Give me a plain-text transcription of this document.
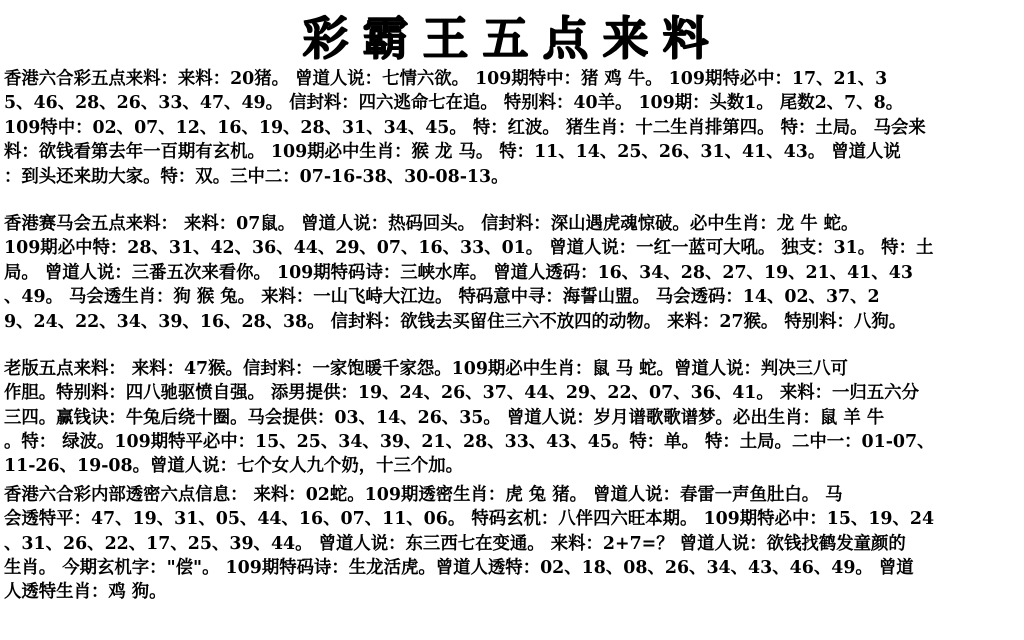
彩霸王五点来料
香港六合彩五点来料：来料：20猪。 曾道人说：七情六欲。 109期特中：猪 鸡 牛。 109期特必中：17、21、3
5、46、28、26、33、47、49。 信封料：四六逃命七在追。 特别料：40羊。 109期：头数1。 尾数2、7、8。
109特中：02、07、12、16、19、28、31、34、45。 特：红波。 猪生肖：十二生肖排第四。 特：土局。 马会来
料：欲钱看第去年一百期有玄机。 109期必中生肖：猴 龙 马。 特：11、14、25、26、31、41、43。 曾道人说
：到头还来助大家。特：双。三中二：07-16-38、30-08-13。
香港赛马会五点来料： 来料：07鼠。 曾道人说：热码回头。 信封料：深山遇虎魂惊破。必中生肖：龙 牛 蛇。
109期必中特：28、31、42、36、44、29、07、16、33、01。 曾道人说：一红一蓝可大吼。 独支：31。 特：土
局。 曾道人说：三番五次来看你。 109期特码诗：三峡水库。 曾道人透码：16、34、28、27、19、21、41、43
、49。 马会透生肖：狗 猴 兔。 来料：一山飞峙大江边。 特码意中寻：海誓山盟。 马会透码：14、02、37、2
9、24、22、34、39、16、28、38。 信封料：欲钱去买留住三六不放四的动物。 来料：27猴。 特别料：八狗。
老版五点来料： 来料：47猴。信封料：一家饱暖千家怨。109期必中生肖：鼠 马 蛇。曾道人说：判决三八可
作胆。特别料：四八驰驱愤自强。 添男提供：19、24、26、37、44、29、22、07、36、41。 来料：一归五六分
三四。赢钱诀：牛兔后绕十圈。马会提供：03、14、26、35。 曾道人说：岁月谱歌歌谱梦。必出生肖：鼠 羊 牛
。特： 绿波。109期特平必中：15、25、34、39、21、28、33、43、45。特：单。 特：土局。二中一：01-07、
11-26、19-08。曾道人说：七个女人九个奶，十三个加。
香港六合彩内部透密六点信息： 来料：02蛇。109期透密生肖：虎 兔 猪。 曾道人说：春雷一声鱼肚白。 马
会透特平：47、19、31、05、44、16、07、11、06。 特码玄机：八伴四六旺本期。 109期特必中：15、19、24
、31、26、22、17、25、39、44。 曾道人说：东三西七在变通。 来料：2+7=？ 曾道人说：欲钱找鹤发童颜的
生肖。 今期玄机字："偿"。 109期特码诗：生龙活虎。曾道人透特：02、18、08、26、34、43、46、49。 曾道
人透特生肖：鸡 狗。
